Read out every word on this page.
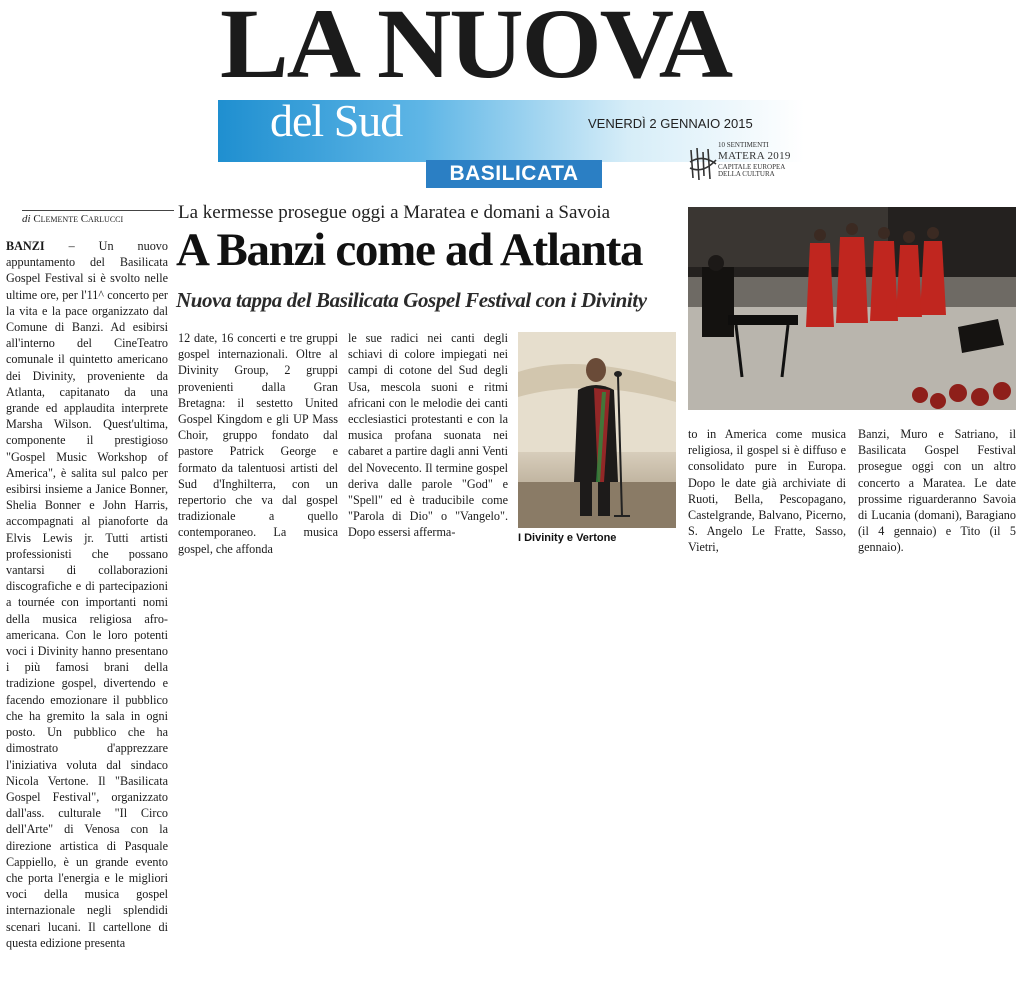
LA NUOVA
del Sud	VENERDÌ 2 GENNAIO 2015
BASILICATA
10 SENTIMENTI
MATERA 2019
CAPITALE EUROPEA DELLA CULTURA
di Clemente Carlucci	La kermesse prosegue oggi a Maratea e domani a Savoia
A Banzi come ad Atlanta
Nuova tappa del Basilicata Gospel Festival con i Divinity
BANZI – Un nuovo appuntamento del Basilicata Gospel Festival si è svolto nelle ultime ore, per l'11^ concerto per la vita e la pace organizzato dal Comune di Banzi. Ad esibirsi all'interno del CineTeatro comunale il quintetto americano dei Divinity, proveniente da Atlanta, capitanato da una grande ed applaudita interprete Marsha Wilson. Quest'ultima, componente il prestigioso "Gospel Music Workshop of America", è salita sul palco per esibirsi insieme a Janice Bonner, Shelia Bonner e John Harris, accompagnati al pianoforte da Elvis Lewis jr. Tutti artisti professionisti che possano vantarsi di collaborazioni discografiche e di partecipazioni a tournée con importanti nomi della musica religiosa afro-americana. Con le loro potenti voci i Divinity hanno presentano i più famosi brani della tradizione gospel, divertendo e facendo emozionare il pubblico che ha gremito la sala in ogni posto. Un pubblico che ha dimostrato d'apprezzare l'iniziativa voluta dal sindaco Nicola Vertone. Il "Basilicata Gospel Festival", organizzato dall'ass. culturale "Il Circo dell'Arte" di Venosa con la direzione artistica di Pasquale Cappiello, è un grande evento che porta l'energia e le migliori voci della musica gospel internazionale negli splendidi scenari lucani. Il cartellone di questa edizione presenta
12 date, 16 concerti e tre gruppi gospel internazionali. Oltre al Divinity Group, 2 gruppi provenienti dalla Gran Bretagna: il sestetto United Gospel Kingdom e gli UP Mass Choir, gruppo fondato dal pastore Patrick George e formato da talentuosi artisti del Sud d'Inghilterra, con un repertorio che va dal gospel tradizionale a quello contemporaneo. La musica gospel, che affonda
le sue radici nei canti degli schiavi di colore impiegati nei campi di cotone del Sud degli Usa, mescola suoni e ritmi africani con le melodie dei canti ecclesiastici protestanti e con la musica profana suonata nei cabaret a partire dagli anni Venti del Novecento. Il termine gospel deriva dalle parole "God" e "Spell" ed è traducibile come "Parola di Dio" o "Vangelo". Dopo essersi afferma-
to in America come musica religiosa, il gospel si è diffuso e consolidato pure in Europa. Dopo le date già archiviate di Ruoti, Bella, Pescopagano, Castelgrande, Balvano, Picerno, S. Angelo Le Fratte, Sasso, Vietri,
Banzi, Muro e Satriano, il Basilicata Gospel Festival prosegue oggi con un altro concerto a Maratea. Le date prossime riguarderanno Savoia di Lucania (domani), Baragiano (il 4 gennaio) e Tito (il 5 gennaio).
I Divinity e Vertone
